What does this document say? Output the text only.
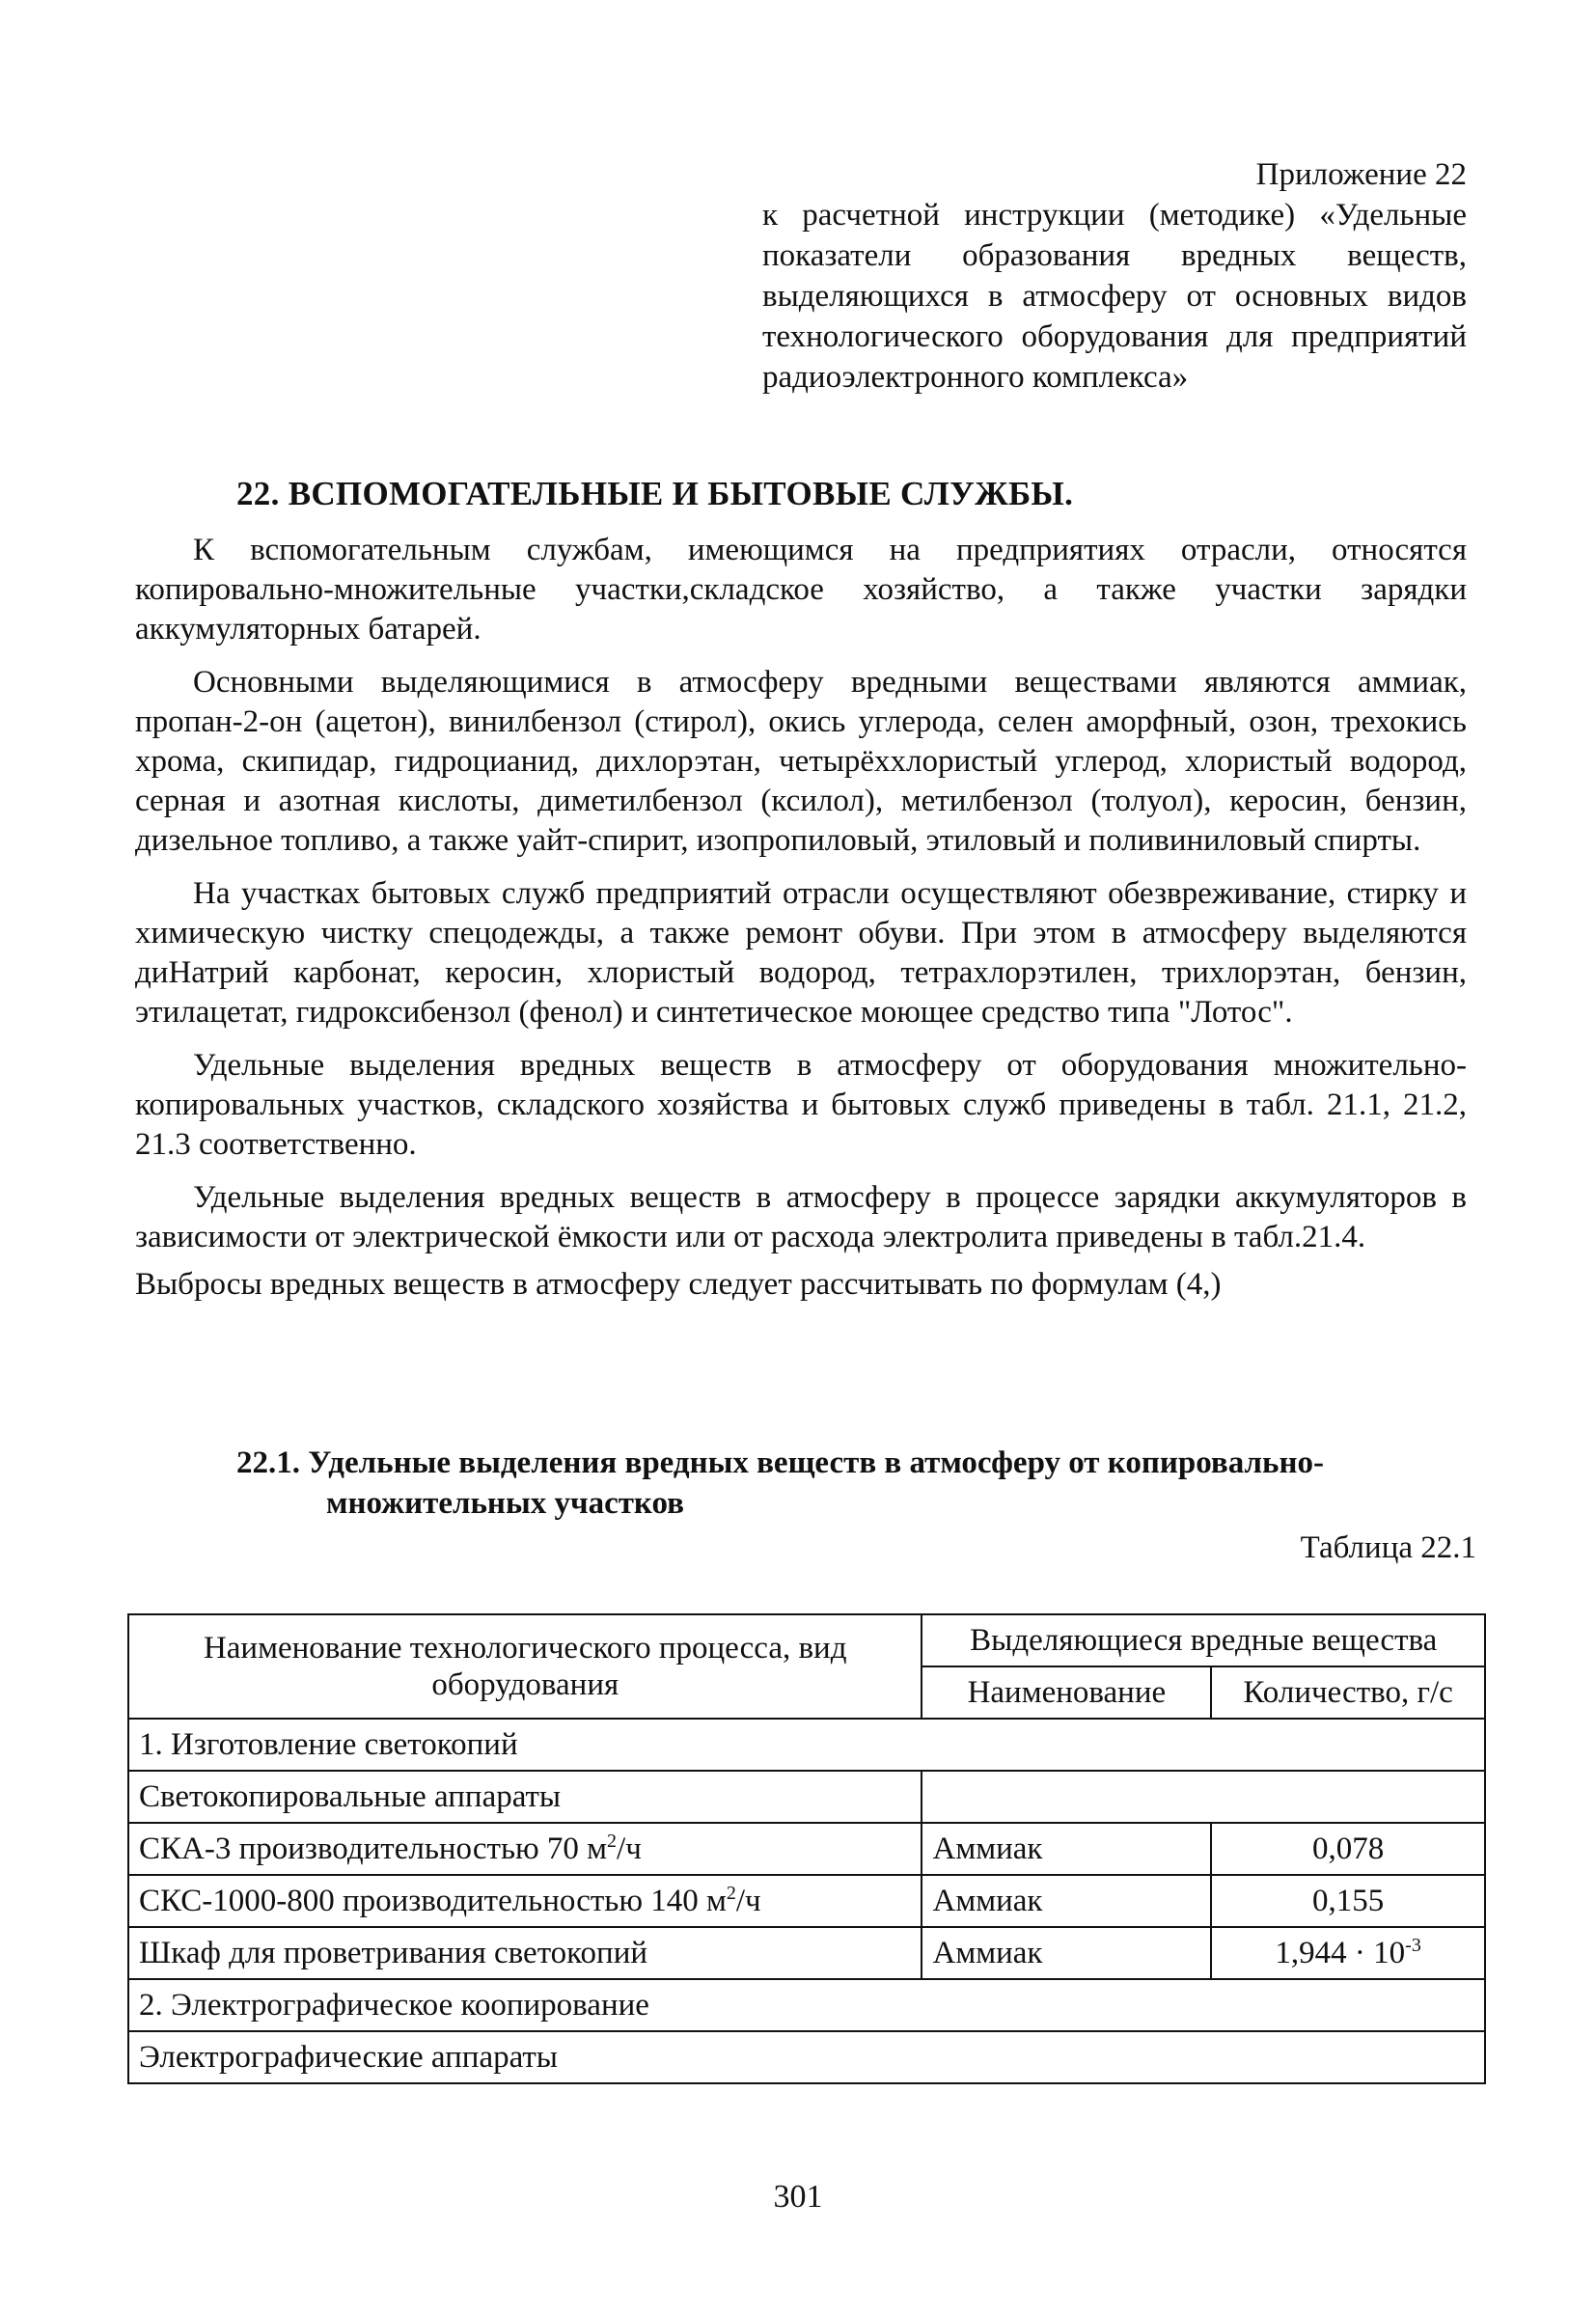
Приложение 22
к расчетной инструкции (методике) «Удельные показатели образования вредных веществ, выделяющихся в атмосферу от основных видов технологического оборудования для предприятий радиоэлектронного комплекса»
22. ВСПОМОГАТЕЛЬНЫЕ И БЫТОВЫЕ СЛУЖБЫ.

К вспомогательным службам, имеющимся на предприятиях отрасли, относятся копировально-множительные участки,складское хозяйство, а также участки зарядки аккумуляторных батарей.

Основными выделяющимися в атмосферу вредными веществами являются аммиак, пропан-2-он (ацетон), винилбензол (стирол), окись углерода, селен аморфный, озон, трехокись хрома, скипидар, гидроцианид, дихлорэтан, четырёххлористый углерод, хлористый водород, серная и азотная кислоты, диметилбензол (ксилол), метилбензол (толуол), керосин, бензин, дизельное топливо, а также уайт-спирит, изопропиловый, этиловый и поливиниловый спирты.

На участках бытовых служб предприятий отрасли осуществляют обезвреживание, стирку и химическую чистку спецодежды, а также ремонт обуви. При этом в атмосферу выделяются диНатрий карбонат, керосин, хлористый водород, тетрахлорэтилен, трихлорэтан, бензин, этилацетат, гидроксибензол (фенол) и синтетическое моющее средство типа "Лотос".

Удельные выделения вредных веществ в атмосферу от оборудования множительно-копировальных участков, складского хозяйства и бытовых служб приведены в табл. 21.1, 21.2, 21.3 соответственно.

Удельные выделения вредных веществ в атмосферу в процессе зарядки аккумуляторов в зависимости от электрической ёмкости или от расхода электролита приведены в табл.21.4.

Выбросы вредных веществ в атмосферу следует рассчитывать по формулам (4,)

22.1. Удельные выделения вредных веществ в атмосферу от копировально-
множительных участков
Таблица 22.1
Наименование технологического процесса, вид оборудования	Выделяющиеся вредные вещества	
	Наименование	Количество, г/с
1. Изготовление светокопий		
Светокопировальные аппараты		
СКА-3 производительностью 70 $м^2/ч$	Аммиак	0,078
СКС-1000-800 производительностью 140 $м^2/ч$	Аммиак	0,155
Шкаф для проветривания светокопий	Аммиак	$1,944 \cdot 10^{-3}$
2. Электрографическое коопирование		
Электрографические аппараты		
301
